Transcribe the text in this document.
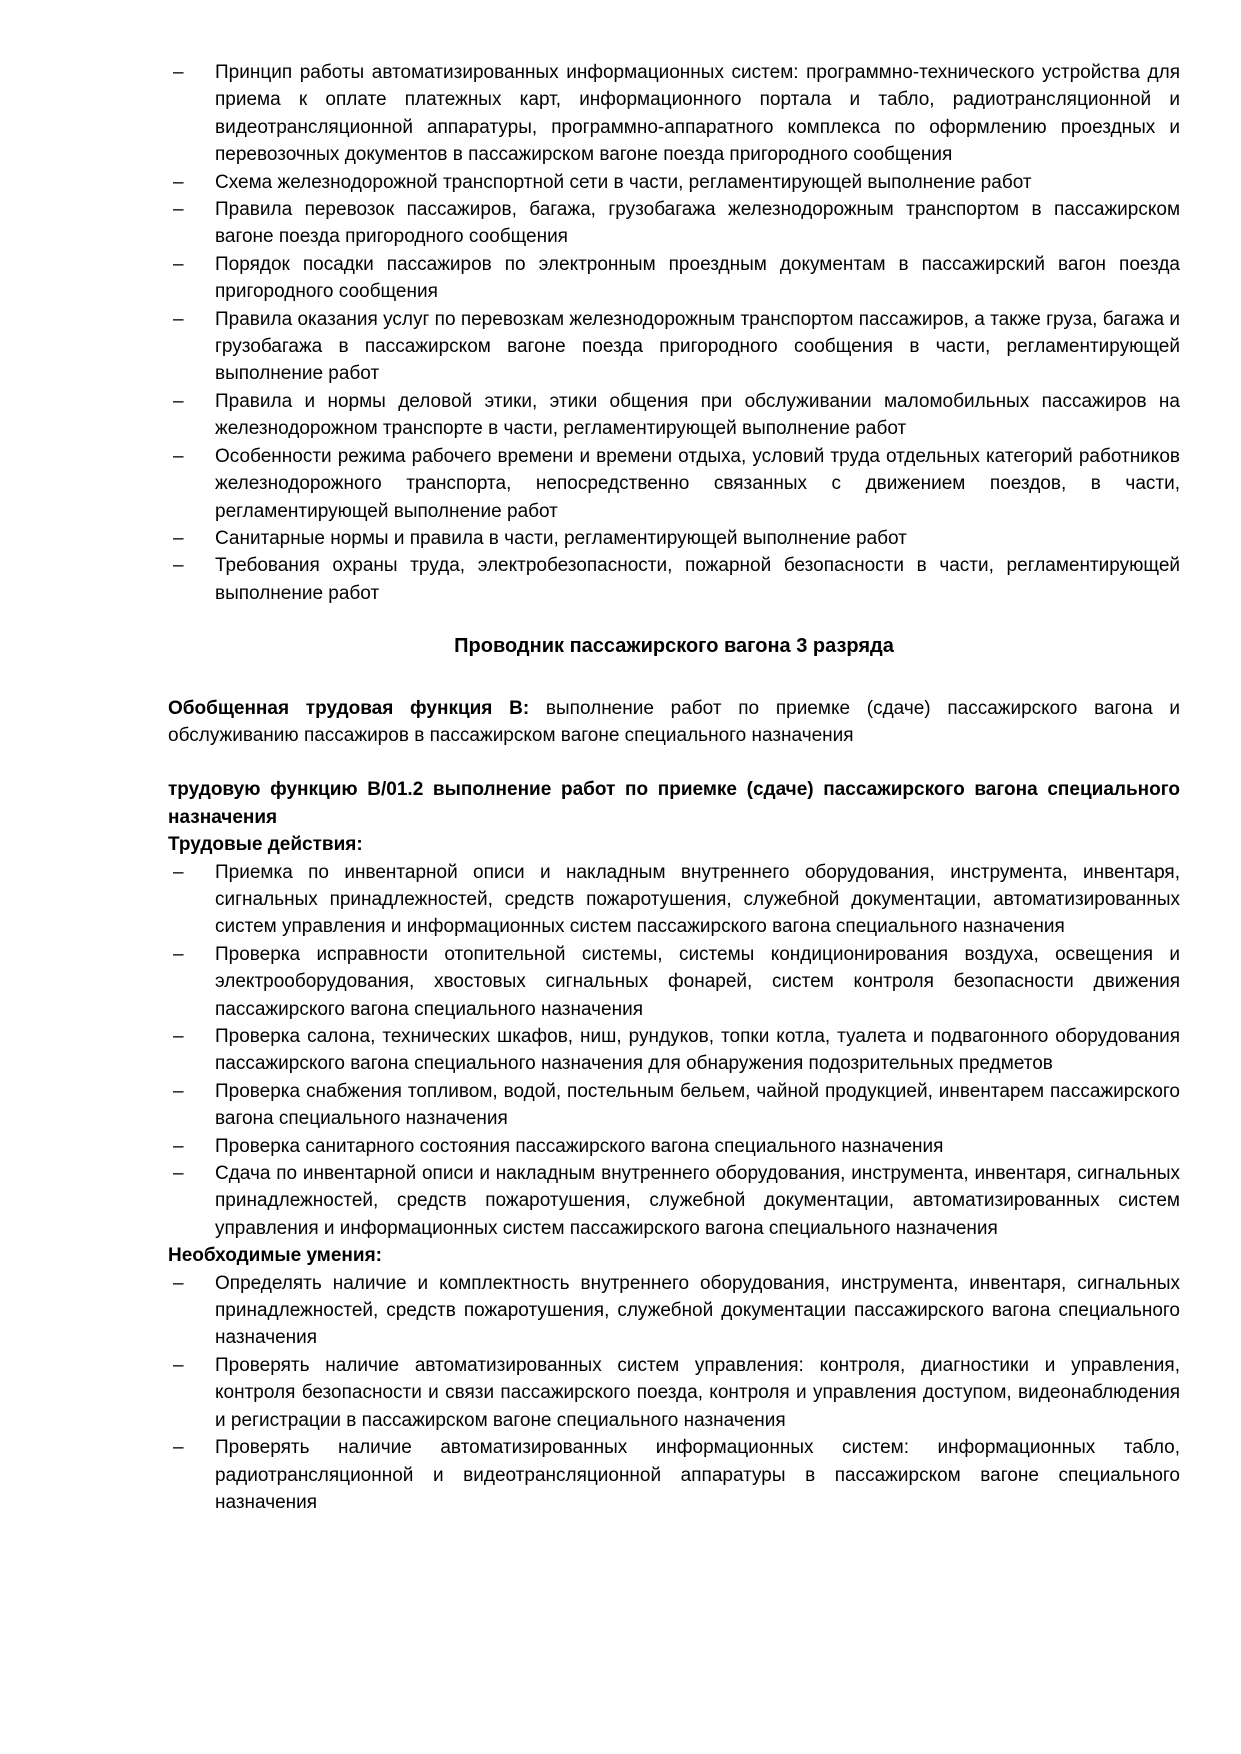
– Принцип работы автоматизированных информационных систем: программно-технического устройства для приема к оплате платежных карт, информационного портала и табло, радиотрансляционной и видеотрансляционной аппаратуры, программно-аппаратного комплекса по оформлению проездных и перевозочных документов в пассажирском вагоне поезда пригородного сообщения
– Схема железнодорожной транспортной сети в части, регламентирующей выполнение работ
– Правила перевозок пассажиров, багажа, грузобагажа железнодорожным транспортом в пассажирском вагоне поезда пригородного сообщения
– Порядок посадки пассажиров по электронным проездным документам в пассажирский вагон поезда пригородного сообщения
– Правила оказания услуг по перевозкам железнодорожным транспортом пассажиров, а также груза, багажа и грузобагажа в пассажирском вагоне поезда пригородного сообщения в части, регламентирующей выполнение работ
– Правила и нормы деловой этики, этики общения при обслуживании маломобильных пассажиров на железнодорожном транспорте в части, регламентирующей выполнение работ
– Особенности режима рабочего времени и времени отдыха, условий труда отдельных категорий работников железнодорожного транспорта, непосредственно связанных с движением поездов, в части, регламентирующей выполнение работ
– Санитарные нормы и правила в части, регламентирующей выполнение работ
– Требования охраны труда, электробезопасности, пожарной безопасности в части, регламентирующей выполнение работ
Проводник пассажирского вагона 3 разряда

Обобщенная трудовая функция В: выполнение работ по приемке (сдаче) пассажирского вагона и обслуживанию пассажиров в пассажирском вагоне специального назначения

трудовую функцию В/01.2 выполнение работ по приемке (сдаче) пассажирского вагона специального назначения

Трудовые действия:

– Приемка по инвентарной описи и накладным внутреннего оборудования, инструмента, инвентаря, сигнальных принадлежностей, средств пожаротушения, служебной документации, автоматизированных систем управления и информационных систем пассажирского вагона специального назначения
– Проверка исправности отопительной системы, системы кондиционирования воздуха, освещения и электрооборудования, хвостовых сигнальных фонарей, систем контроля безопасности движения пассажирского вагона специального назначения
– Проверка салона, технических шкафов, ниш, рундуков, топки котла, туалета и подвагонного оборудования пассажирского вагона специального назначения для обнаружения подозрительных предметов
– Проверка снабжения топливом, водой, постельным бельем, чайной продукцией, инвентарем пассажирского вагона специального назначения
– Проверка санитарного состояния пассажирского вагона специального назначения
– Сдача по инвентарной описи и накладным внутреннего оборудования, инструмента, инвентаря, сигнальных принадлежностей, средств пожаротушения, служебной документации, автоматизированных систем управления и информационных систем пассажирского вагона специального назначения

Необходимые умения:

– Определять наличие и комплектность внутреннего оборудования, инструмента, инвентаря, сигнальных принадлежностей, средств пожаротушения, служебной документации пассажирского вагона специального назначения
– Проверять наличие автоматизированных систем управления: контроля, диагностики и управления, контроля безопасности и связи пассажирского поезда, контроля и управления доступом, видеонаблюдения и регистрации в пассажирском вагоне специального назначения
– Проверять наличие автоматизированных информационных систем: информационных табло, радиотрансляционной и видеотрансляционной аппаратуры в пассажирском вагоне специального назначения
